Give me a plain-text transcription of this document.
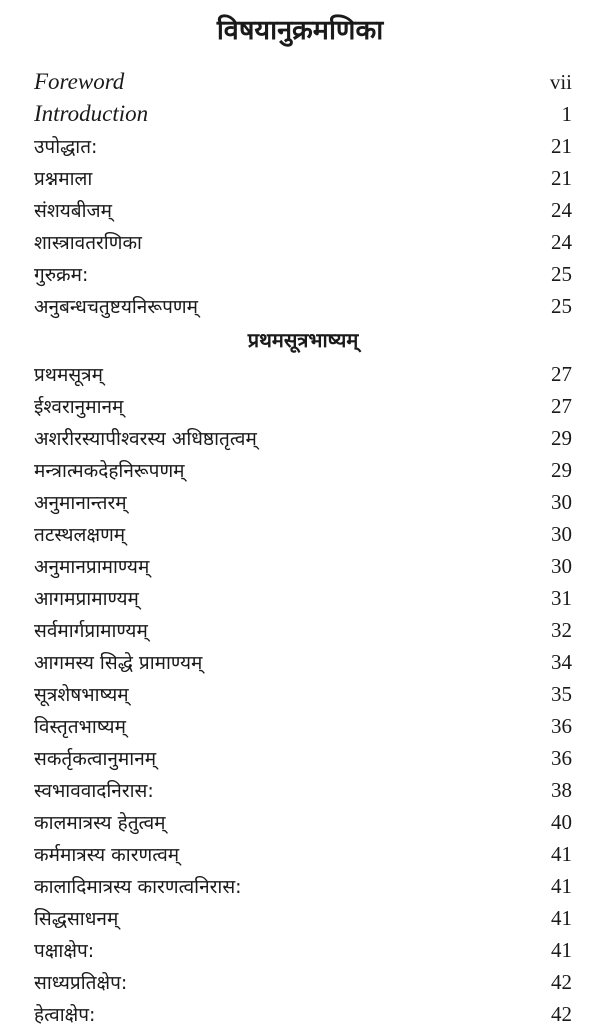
विषयानुक्रमणिका
Foreword	vii
Introduction	1
उपोद्धात:	21
प्रश्नमाला	21
संशयबीजम्	24
शास्त्रावतरणिका	24
गुरुक्रम:	25
अनुबन्धचतुष्टयनिरूपणम्	25
प्रथमसूत्रभाष्यम्
प्रथमसूत्रम्	27
ईश्वरानुमानम्	27
अशरीरस्यापीश्वरस्य अधिष्ठातृत्वम्	29
मन्त्रात्मकदेहनिरूपणम्	29
अनुमानान्तरम्	30
तटस्थलक्षणम्	30
अनुमानप्रामाण्यम्	30
आगमप्रामाण्यम्	31
सर्वमार्गप्रामाण्यम्	32
आगमस्य सिद्धे प्रामाण्यम्	34
सूत्रशेषभाष्यम्	35
विस्तृतभाष्यम्	36
सकर्तृकत्वानुमानम्	36
स्वभाववादनिरास:	38
कालमात्रस्य हेतुत्वम्	40
कर्ममात्रस्य कारणत्वम्	41
कालादिमात्रस्य कारणत्वनिरास:	41
सिद्धसाधनम्	41
पक्षाक्षेप:	41
साध्यप्रतिक्षेप:	42
हेत्वाक्षेप:	42
